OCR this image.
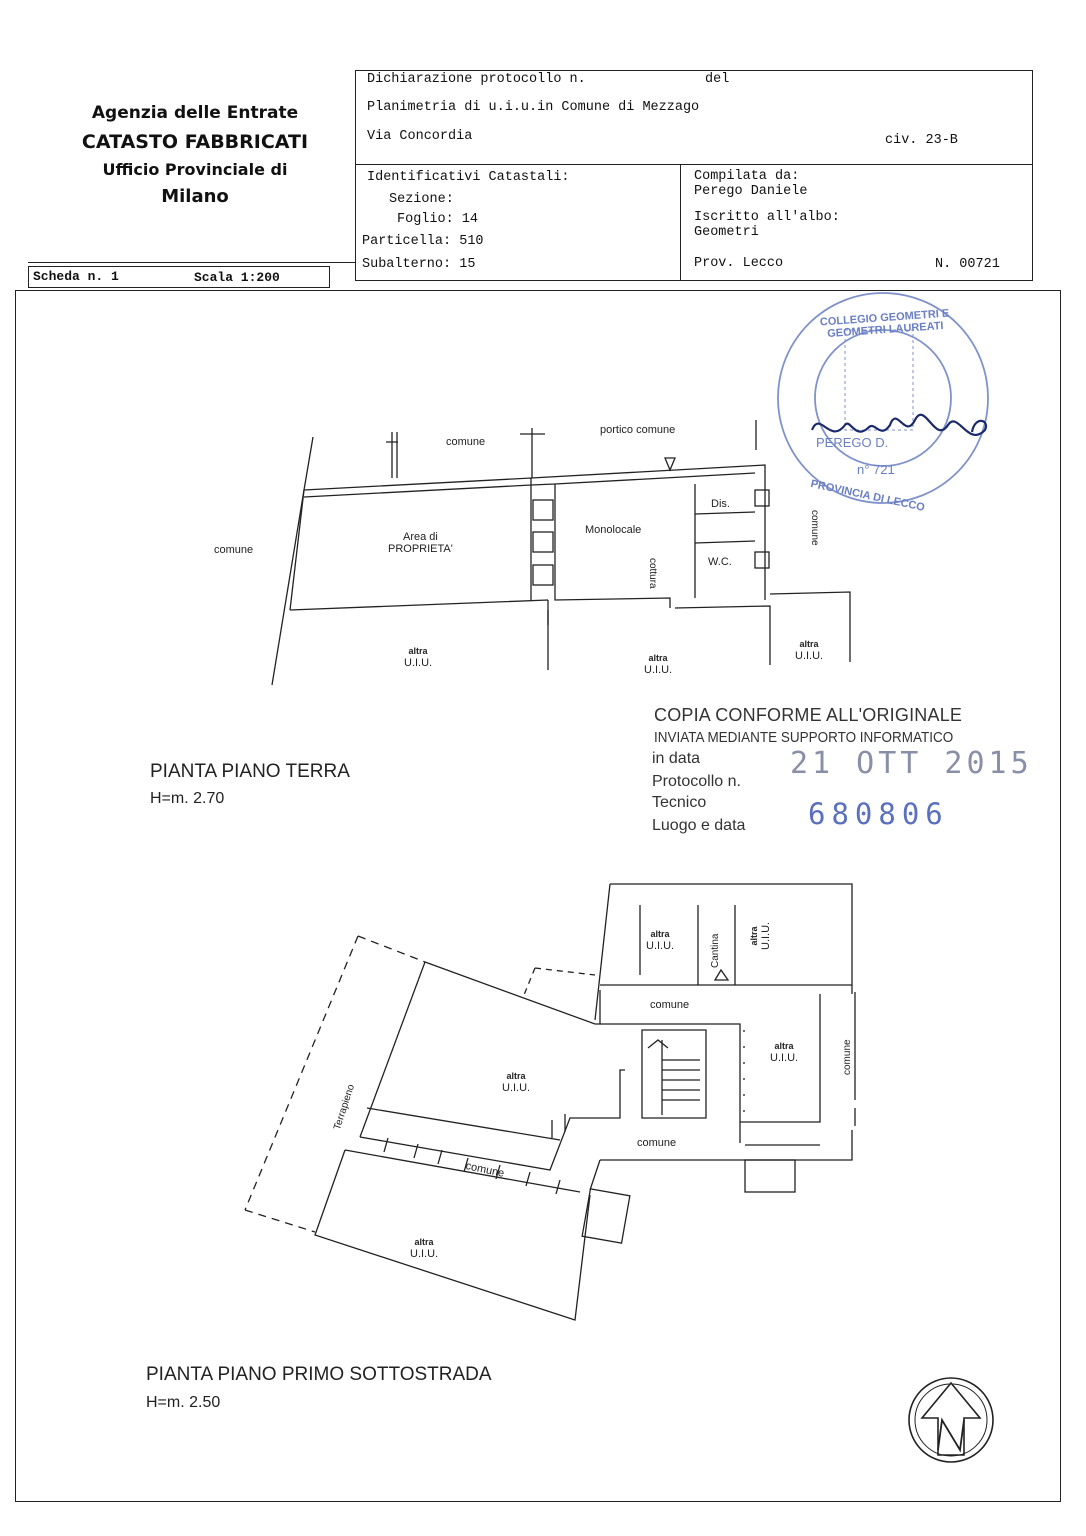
Agenzia delle Entrate
CATASTO FABBRICATI
Ufficio Provinciale di
Milano
Dichiarazione protocollo n.	del
Planimetria di u.i.u.in Comune di Mezzago
Via Concordia	civ. 23-B
Identificativi Catastali:
Sezione:
Foglio: 14
Particella: 510
Subalterno: 15
Compilata da:
Perego Daniele
Iscritto all'albo:
Geometri
Prov. Lecco	N. 00721
Scheda n. 1	Scala 1:200
comune
portico comune
comune
Area di
PROPRIETA'
Monolocale
Dis.
W.C.
cottura
comune
altra
U.I.U.	altra
U.I.U.
altra
U.I.U.
PIANTA PIANO TERRA
H=m. 2.70
COPIA CONFORME ALL'ORIGINALE
INVIATA MEDIANTE SUPPORTO INFORMATICO
in data	21 OTT 2015
Protocollo n.
Tecnico	680806
Luogo e data
COLLEGIO GEOMETRI E GEOMETRI LAUREATI
PEREGO D.
n° 721
PROVINCIA DI LECCO
altra
U.I.U.	Cantina	altra U.I.U.
comune
altra
U.I.U.	comune
altra
U.I.U.
Terrapieno
comune
comune
altra
U.I.U.
PIANTA PIANO PRIMO SOTTOSTRADA
H=m. 2.50
